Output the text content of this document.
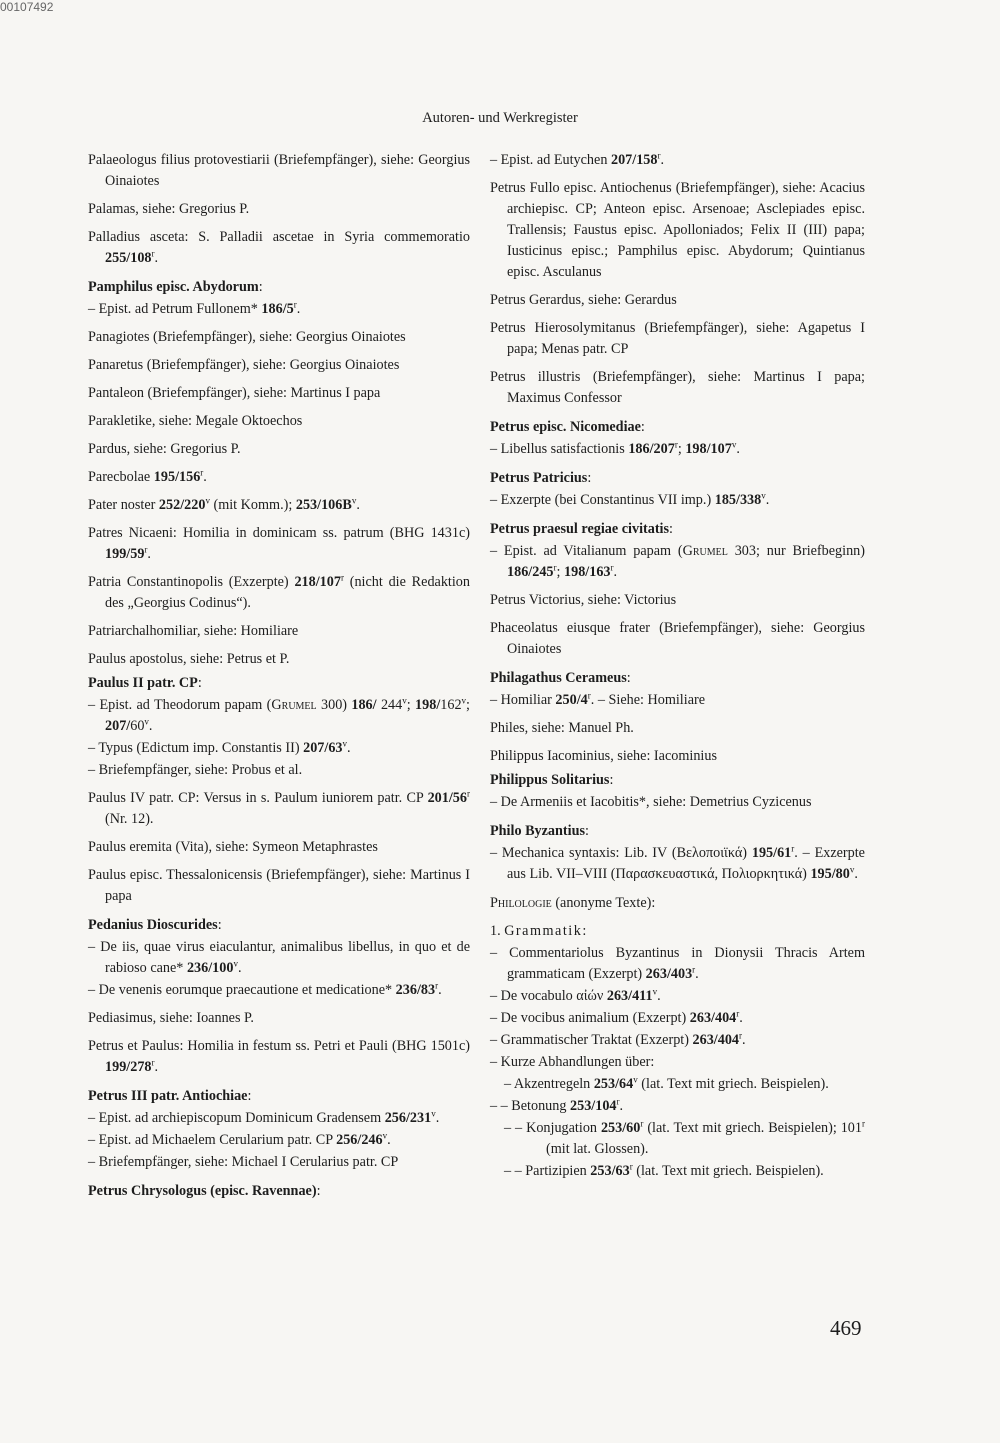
00107492
Autoren- und Werkregister

Palaeologus filius protovestiarii (Briefempfänger), siehe: Georgius Oinaiotes

Palamas, siehe: Gregorius P.

Palladius asceta: S. Palladii ascetae in Syria commemoratio 255/108$^r$.

Pamphilus episc. Abydorum:

– Epist. ad Petrum Fullonem* 186/5$^r$.

Panagiotes (Briefempfänger), siehe: Georgius Oinaiotes

Panaretus (Briefempfänger), siehe: Georgius Oinaiotes

Pantaleon (Briefempfänger), siehe: Martinus I papa

Parakletike, siehe: Megale Oktoechos

Pardus, siehe: Gregorius P.

Parecbolae 195/156$^r$.

Pater noster 252/220$^v$ (mit Komm.); $253/106B^v$.

Patres Nicaeni: Homilia in dominicam ss. patrum (BHG 1431c) 199/59$^r$.

Patria Constantinopolis (Exzerpte) 218/107$^r$ (nicht die Redaktion des „Georgius Codinus“).

Patriarchalhomiliar, siehe: Homiliare

Paulus apostolus, siehe: Petrus et P.

Paulus II patr. CP:

– Epist. ad Theodorum papam (Grumel 300) 186/ 244$^v$; 198/162$^v$; 207/60$^v$.

– Typus (Edictum imp. Constantis II) 207/63$^v$.

– Briefempfänger, siehe: Probus et al.

Paulus IV patr. CP: Versus in s. Paulum iuniorem patr. CP 201/56$^r$ (Nr. 12).

Paulus eremita (Vita), siehe: Symeon Metaphrastes

Paulus episc. Thessalonicensis (Briefempfänger), siehe: Martinus I papa

Pedanius Dioscurides:

– De iis, quae virus eiaculantur, animalibus libellus, in quo et de rabioso cane* 236/100$^v$.

– De venenis eorumque praecautione et medicatione* 236/83$^r$.

Pediasimus, siehe: Ioannes P.

Petrus et Paulus: Homilia in festum ss. Petri et Pauli (BHG 1501c) 199/278$^r$.

Petrus III patr. Antiochiae:

– Epist. ad archiepiscopum Dominicum Gradensem 256/231$^v$.

– Epist. ad Michaelem Cerularium patr. CP 256/246$^v$.

– Briefempfänger, siehe: Michael I Cerularius patr. CP

Petrus Chrysologus (episc. Ravennae):

– Epist. ad Eutychen 207/158$^r$.

Petrus Fullo episc. Antiochenus (Briefempfänger), siehe: Acacius archiepisc. CP; Anteon episc. Arsenoae; Asclepiades episc. Trallensis; Faustus episc. Apolloniados; Felix II (III) papa; Iusticinus episc.; Pamphilus episc. Abydorum; Quintianus episc. Asculanus

Petrus Gerardus, siehe: Gerardus

Petrus Hierosolymitanus (Briefempfänger), siehe: Agapetus I papa; Menas patr. CP

Petrus illustris (Briefempfänger), siehe: Martinus I papa; Maximus Confessor

Petrus episc. Nicomediae:

– Libellus satisfactionis 186/207$^r$; 198/107$^v$.

Petrus Patricius:

– Exzerpte (bei Constantinus VII imp.) 185/338$^v$.

Petrus praesul regiae civitatis:

– Epist. ad Vitalianum papam (Grumel 303; nur Briefbeginn) 186/245$^r$; 198/163$^r$.

Petrus Victorius, siehe: Victorius

Phaceolatus eiusque frater (Briefempfänger), siehe: Georgius Oinaiotes

Philagathus Cerameus:

– Homiliar 250/4$^r$. – Siehe: Homiliare

Philes, siehe: Manuel Ph.

Philippus Iacominius, siehe: Iacominius

Philippus Solitarius:

– De Armeniis et Iacobitis*, siehe: Demetrius Cyzicenus

Philo Byzantius:

– Mechanica syntaxis: Lib. IV (Βελοποιϊκά) 195/61$^r$. – Exzerpte aus Lib. VII–VIII (Παρασκευαστικά, Πολιορκητικά) 195/80$^v$.

Philologie (anonyme Texte):

1. Grammatik:

– Commentariolus Byzantinus in Dionysii Thracis Artem grammaticam (Exzerpt) 263/403$^r$.

– De vocabulo αἰών 263/411$^v$.

– De vocibus animalium (Exzerpt) 263/404$^r$.

– Grammatischer Traktat (Exzerpt) 263/404$^r$.

– Kurze Abhandlungen über:

– Akzentregeln 253/64$^v$ (lat. Text mit griech. Beispielen).

– – Betonung 253/104$^r$.

– – Konjugation 253/60$^r$ (lat. Text mit griech. Beispielen); 101$^r$ (mit lat. Glossen).

– – Partizipien 253/63$^r$ (lat. Text mit griech. Beispielen).

469
